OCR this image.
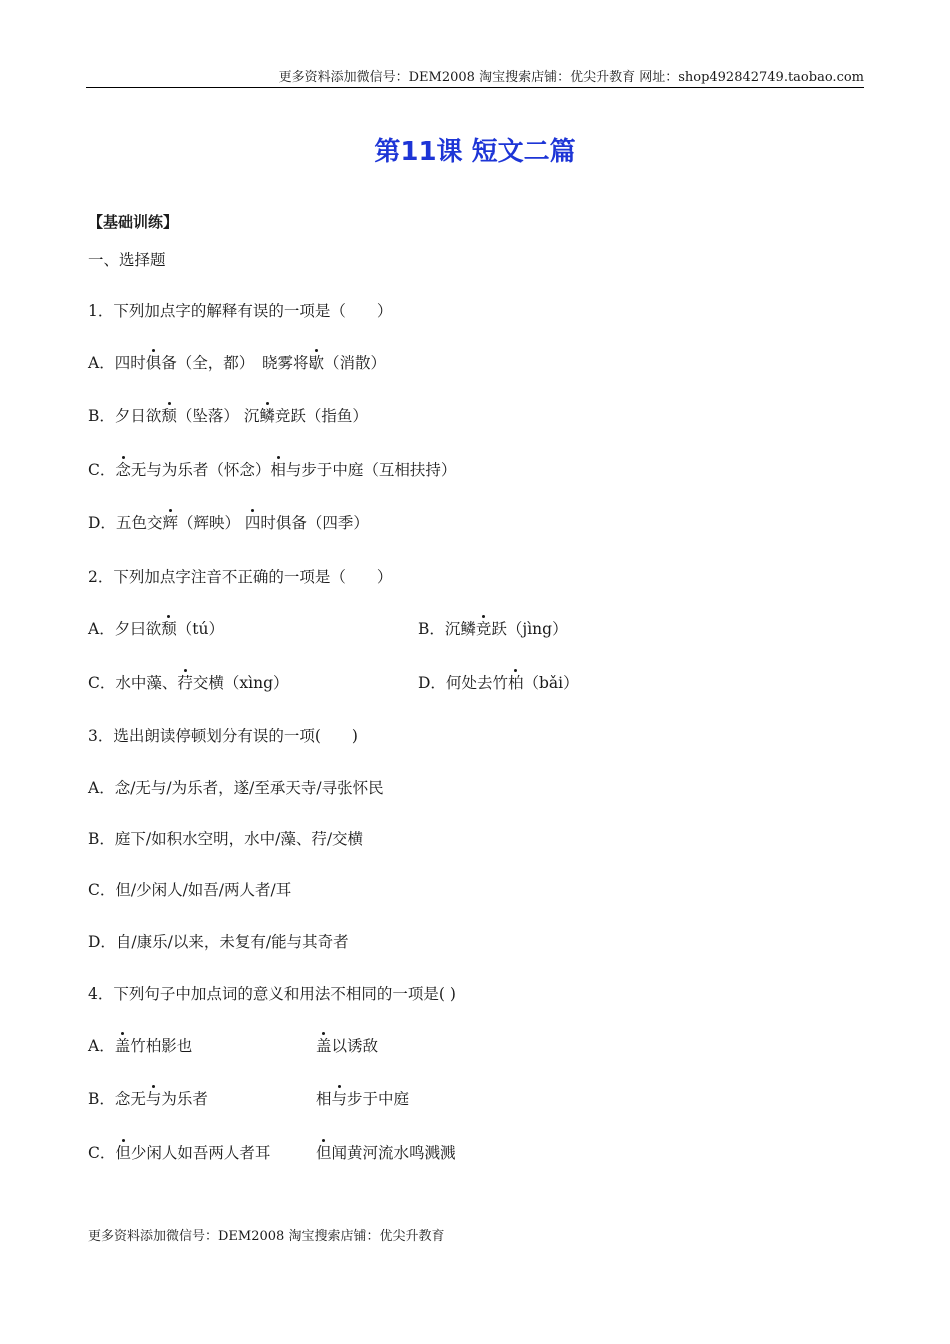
更多资料添加微信号：DEM2008 淘宝搜索店铺：优尖升教育 网址：shop492842749.taobao.com
第11课 短文二篇
【基础训练】
一、选择题
1．下列加点字的解释有误的一项是（　　）
A．四时俱备（全，都）　晓雾将歇（消散）
B．夕日欲颓（坠落） 沉鳞竞跃（指鱼）
C．念无与为乐者（怀念）相与步于中庭（互相扶持）
D．五色交辉（辉映） 四时俱备（四季）
2．下列加点字注音不正确的一项是（　　）
A．夕曰欲颓（tú）	B．沉鳞竞跃（jìng）
C．水中藻、荇交横（xìng）	D．何处去竹柏（bǎi）
3．选出朗读停顿划分有误的一项(　　)
A．念/无与/为乐者，遂/至承天寺/寻张怀民
B．庭下/如积水空明，水中/藻、荇/交横
C．但/少闲人/如吾/两人者/耳
D．自/康乐/以来，未复有/能与其奇者
4．下列句子中加点词的意义和用法不相同的一项是( )
A．盖竹柏影也	盖以诱敌
B．念无与为乐者	相与步于中庭
C．但少闲人如吾两人者耳	但闻黄河流水鸣溅溅
更多资料添加微信号：DEM2008 淘宝搜索店铺：优尖升教育
